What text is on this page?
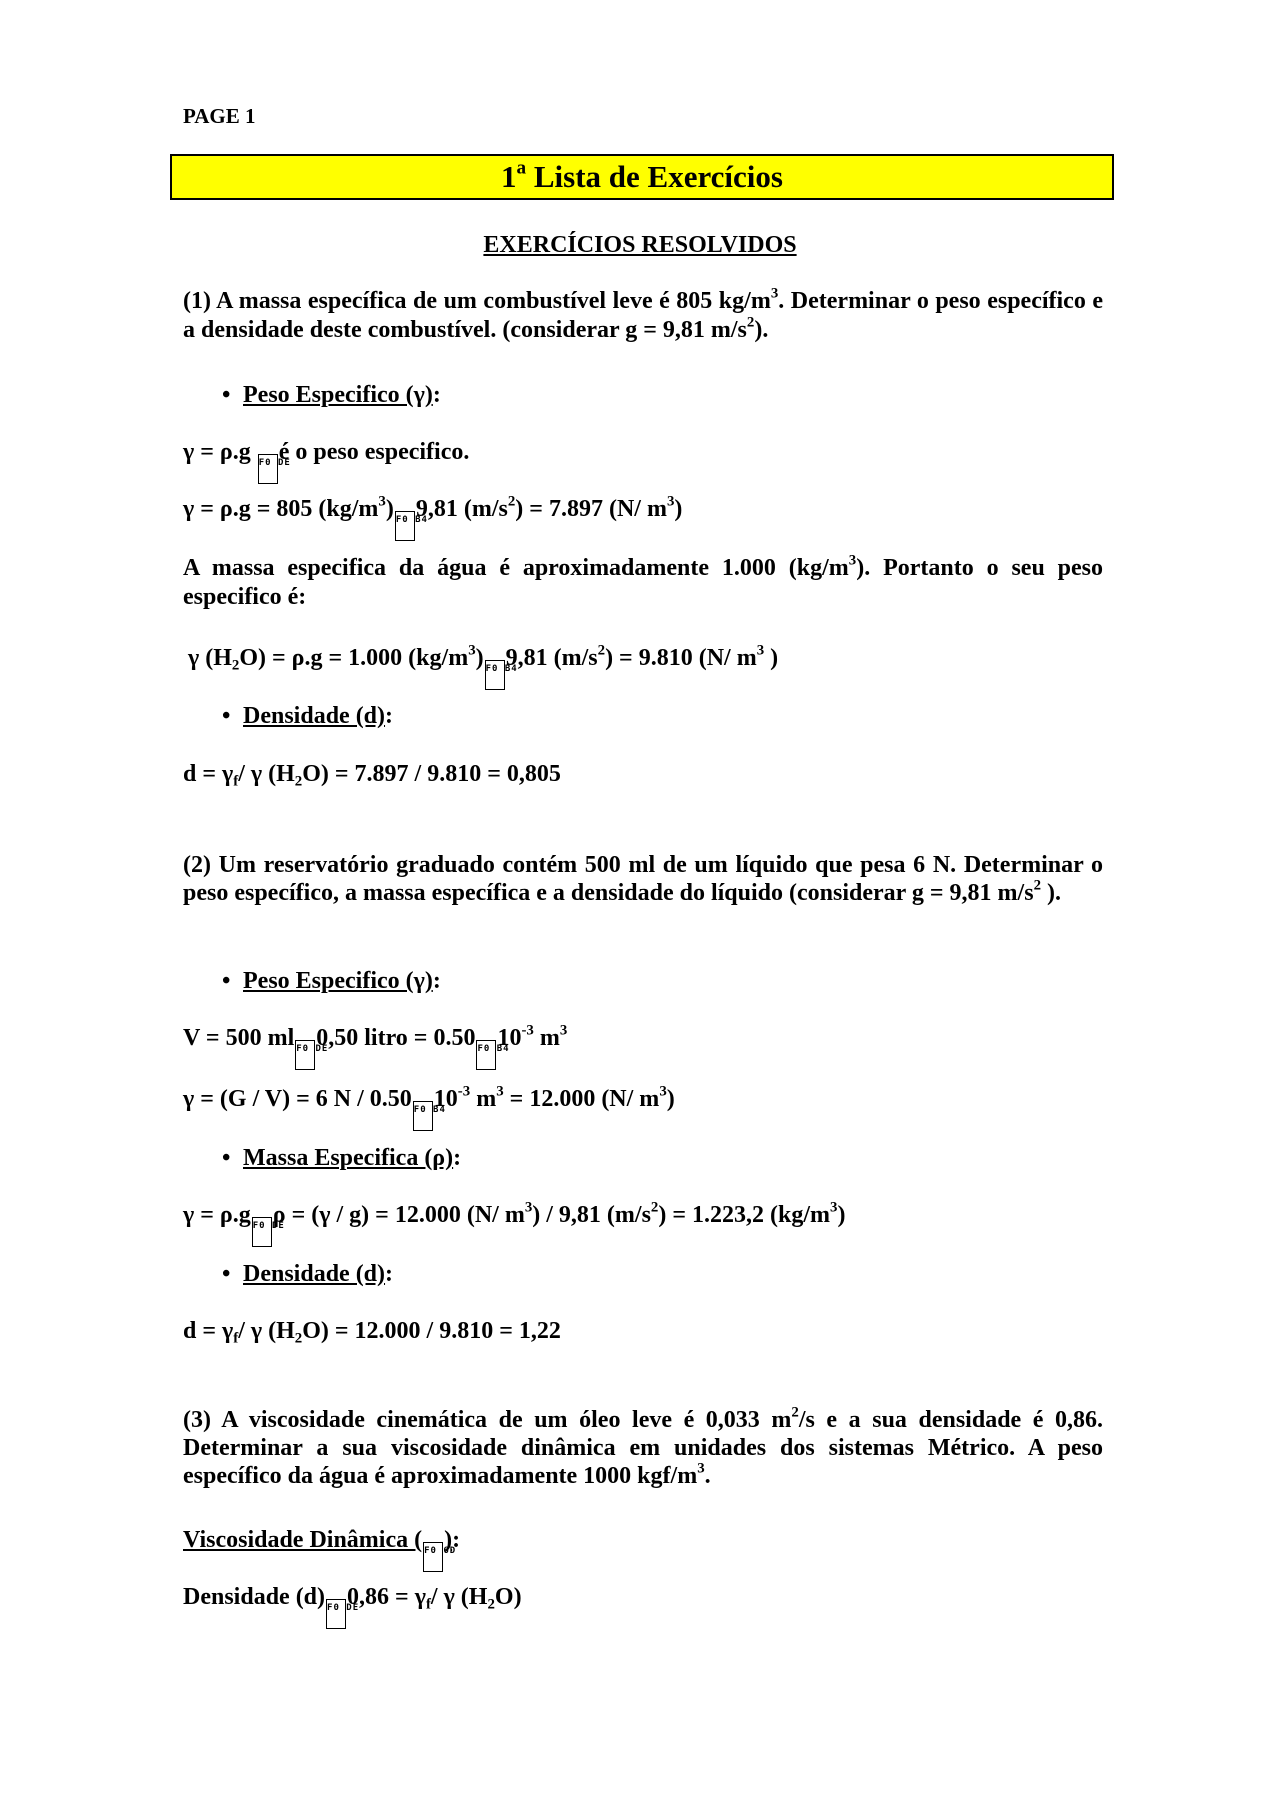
PAGE 1
1$^a$ Lista de Exercícios
EXERCÍCIOS RESOLVIDOS
(1) A massa específica de um combustível leve é 805 $kg/m^3$. Determinar o peso específico e a densidade deste combustível. (considerar g = 9,81 $m/s^2$).
• Peso Especifico (γ):
γ = ρ.g F0 DEé o peso especifico.
γ = ρ.g = 805 $(kg/m^3)$ F0 B49,81 $(m/s^2) = 7.897$ (N/ $m^3$)
A massa especifica da água é aproximadamente 1.000 $(kg/m^3)$. Portanto o seu peso especifico é:
γ $(H_2O) = \rho.g = 1.000$ $(kg/m^3)$ F0 B49,81 $(m/s^2) = 9.810$ (N/ $m^3$ )
• Densidade (d):
$d = \gamma_f/$ γ $(H_2O) = 7.897 / 9.810 = 0,805$
(2) Um reservatório graduado contém 500 ml de um líquido que pesa 6 N. Determinar o peso específico, a massa específica e a densidade do líquido (considerar g = 9,81 $m/s^2$ ).
• Peso Especifico (γ):
V = 500 ml F0 DE0,50 litro = 0.50 F0 $B410^{-3}$ $m^3$
γ = (G / V) = 6 N / 0.50 F0 $B410^{-3}$ $m^3 = 12.000$ (N/ $m^3$)
• Massa Especifica (ρ):
γ = ρ.g F0 DEρ = (γ / g) = 12.000 (N/ $m^3) / 9,81$ $(m/s^2) = 1.223,2$ $(kg/m^3)$
• Densidade (d):
$d = \gamma_f/$ γ $(H_2O) = 12.000 / 9.810 = 1,22$
(3) A viscosidade cinemática de um óleo leve é 0,033 $m^2/s$ e a sua densidade é 0,86. Determinar a sua viscosidade dinâmica em unidades dos sistemas Métrico. A peso específico da água é aproximadamente 1000 kgf/$m^3$.
Viscosidade Dinâmica ( F0 6D):
Densidade (d) F0 $DE0,86 = \gamma_f/$ γ $(H_2O)$
